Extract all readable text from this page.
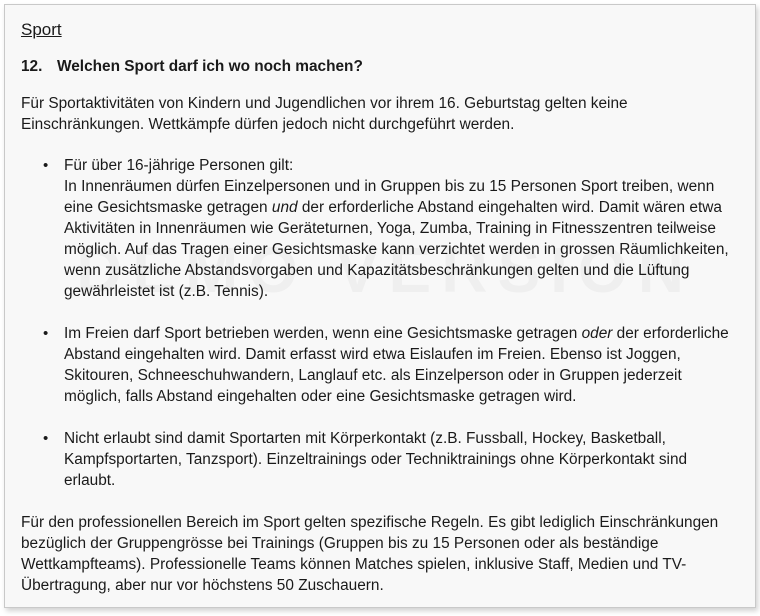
Sport
12. Welchen Sport darf ich wo noch machen?

Für Sportaktivitäten von Kindern und Jugendlichen vor ihrem 16. Geburtstag gelten keine Einschränkungen. Wettkämpfe dürfen jedoch nicht durchgeführt werden.

•	Für über 16-jährige Personen gilt:
In Innenräumen dürfen Einzelpersonen und in Gruppen bis zu 15 Personen Sport treiben, wenn eine Gesichtsmaske getragen und der erforderliche Abstand eingehalten wird. Damit wären etwa Aktivitäten in Innenräumen wie Geräteturnen, Yoga, Zumba, Training in Fitnesszentren teilweise möglich. Auf das Tragen einer Gesichtsmaske kann verzichtet werden in grossen Räumlichkeiten, wenn zusätzliche Abstandsvorgaben und Kapazitätsbeschränkungen gelten und die Lüftung gewährleistet ist (z.B. Tennis).
•	Im Freien darf Sport betrieben werden, wenn eine Gesichtsmaske getragen oder der erforderliche Abstand eingehalten wird. Damit erfasst wird etwa Eislaufen im Freien. Ebenso ist Joggen, Skitouren, Schneeschuhwandern, Langlauf etc. als Einzelperson oder in Gruppen jederzeit möglich, falls Abstand eingehalten oder eine Gesichtsmaske getragen wird.
•	Nicht erlaubt sind damit Sportarten mit Körperkontakt (z.B. Fussball, Hockey, Basketball, Kampfsportarten, Tanzsport). Einzeltrainings oder Techniktrainings ohne Körperkontakt sind erlaubt.

Für den professionellen Bereich im Sport gelten spezifische Regeln. Es gibt lediglich Einschränkungen bezüglich der Gruppengrösse bei Trainings (Gruppen bis zu 15 Personen oder als beständige Wettkampfteams). Professionelle Teams können Matches spielen, inklusive Staff, Medien und TV-Übertragung, aber nur vor höchstens 50 Zuschauern.
